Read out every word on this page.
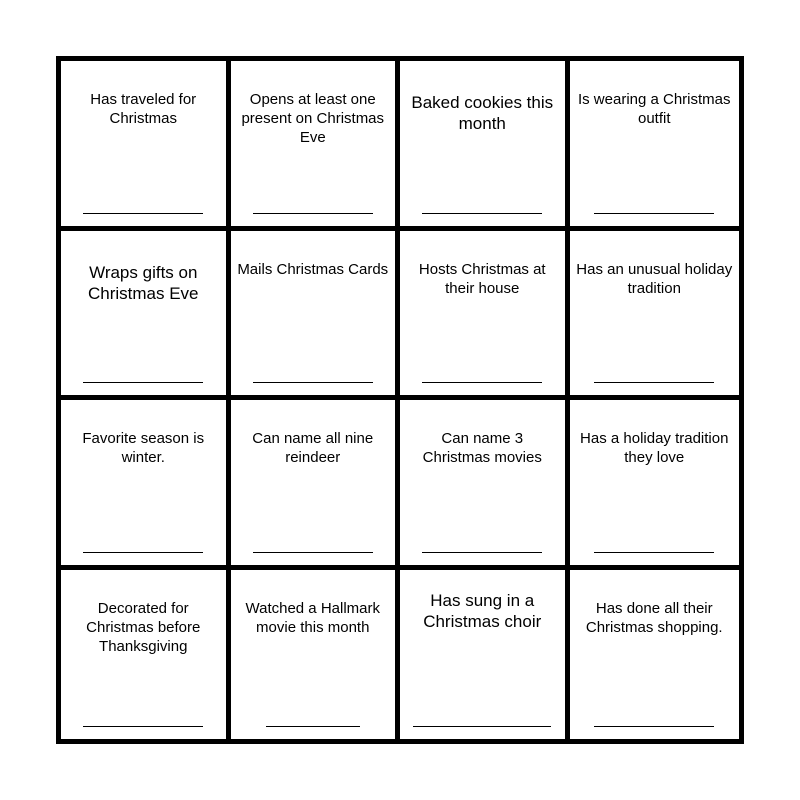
Has traveled for Christmas
Opens at least one present on Christmas Eve
Baked cookies this month
Is wearing a Christmas outfit
Wraps gifts on Christmas Eve
Mails Christmas Cards	Hosts Christmas at their house
Has an unusual holiday tradition
Favorite season is winter.
Can name all nine reindeer
Can name 3 Christmas movies
Has a holiday tradition they love
Decorated for Christmas before Thanksgiving
Watched a Hallmark movie this month
Has sung in a Christmas choir
Has done all their Christmas shopping.
